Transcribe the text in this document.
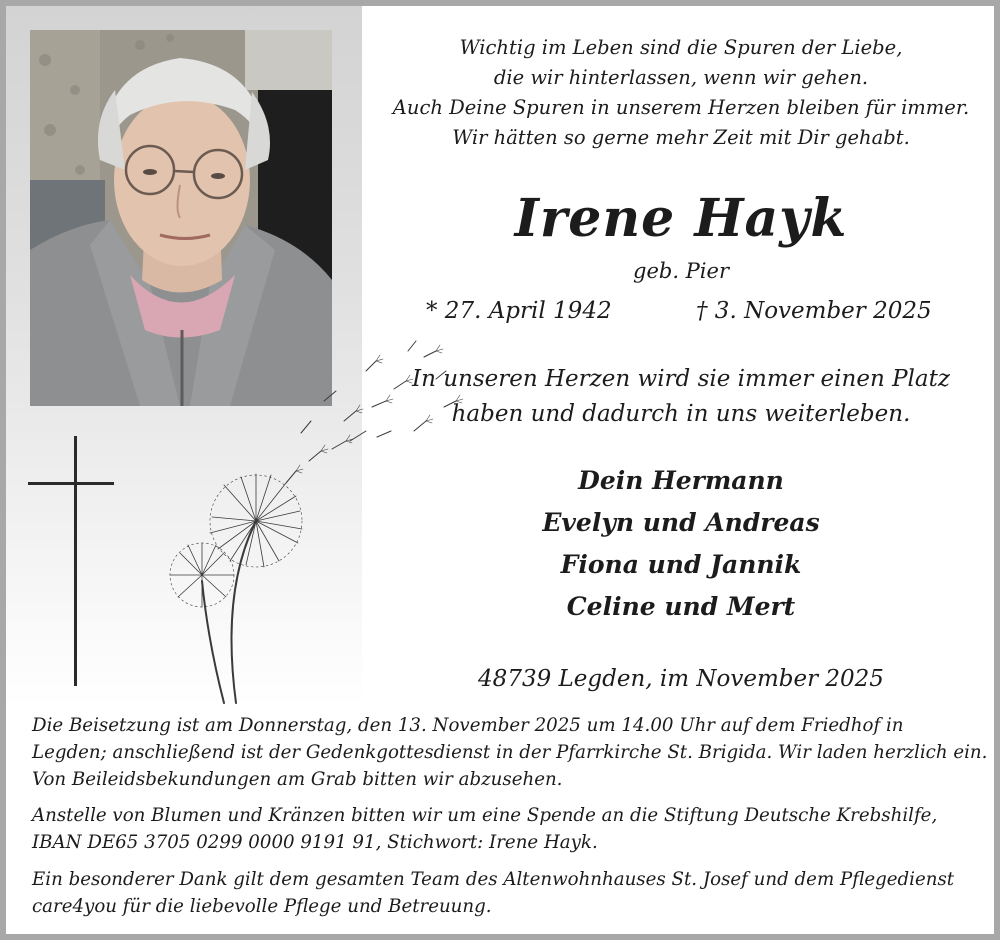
Wichtig im Leben sind die Spuren der Liebe,
die wir hinterlassen, wenn wir gehen.
Auch Deine Spuren in unserem Herzen bleiben für immer.
Wir hätten so gerne mehr Zeit mit Dir gehabt.
Irene Hayk
geb. Pier
* 27. April 1942	† 3. November 2025
In unseren Herzen wird sie immer einen Platz
haben und dadurch in uns weiterleben.
Dein Hermann
Evelyn und Andreas
Fiona und Jannik
Celine und Mert
48739 Legden, im November 2025
Die Beisetzung ist am Donnerstag, den 13. November 2025 um 14.00 Uhr auf dem Friedhof in
Legden; anschließend ist der Gedenkgottesdienst in der Pfarrkirche St. Brigida. Wir laden herzlich ein.
Von Beileidsbekundungen am Grab bitten wir abzusehen.
Anstelle von Blumen und Kränzen bitten wir um eine Spende an die Stiftung Deutsche Krebshilfe,
IBAN DE65 3705 0299 0000 9191 91, Stichwort: Irene Hayk.
Ein besonderer Dank gilt dem gesamten Team des Altenwohnhauses St. Josef und dem Pflegedienst
care4you für die liebevolle Pflege und Betreuung.
